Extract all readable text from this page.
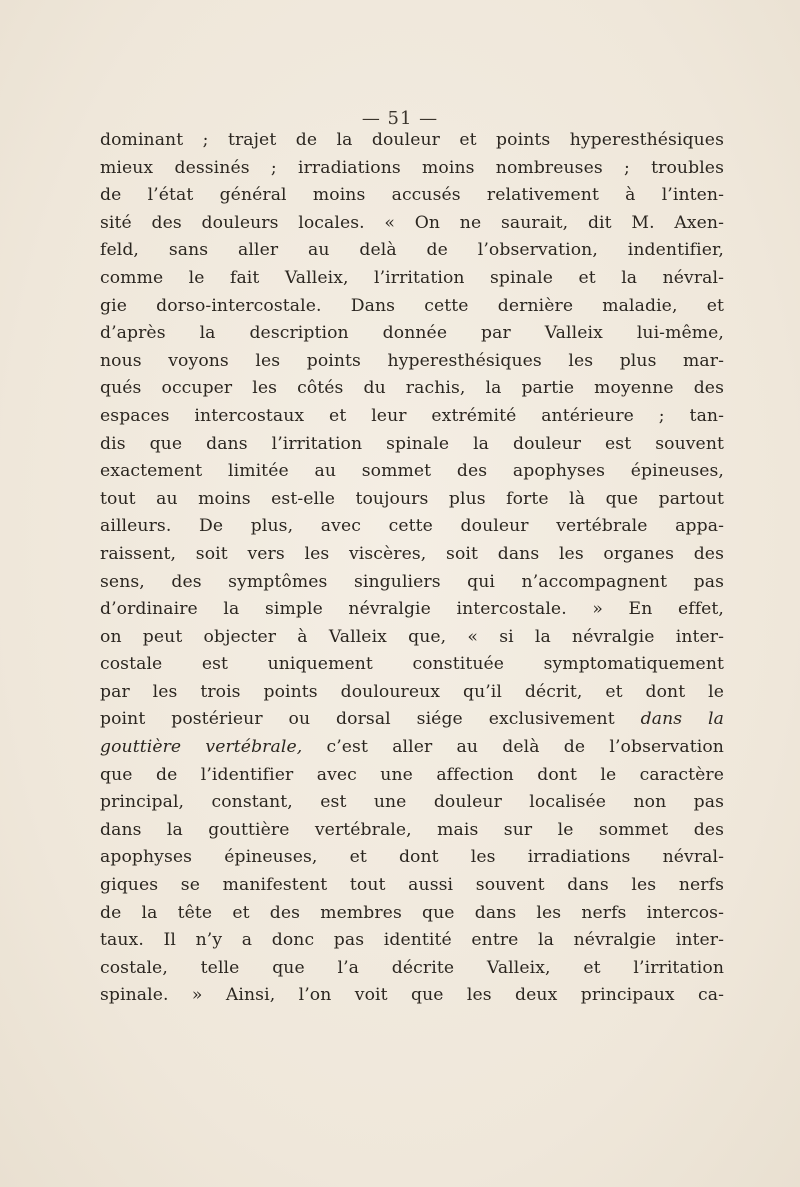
— 51 —
dominant ; trajet de la douleur et points hyperesthésiques
mieux dessinés ; irradiations moins nombreuses ; troubles
de l’état général moins accusés relativement à l’inten-
sité des douleurs locales. « On ne saurait, dit M. Axen-
feld, sans aller au delà de l’observation, indentifier,
comme le fait Valleix, l’irritation spinale et la névral-
gie dorso-intercostale. Dans cette dernière maladie, et
d’après la description donnée par Valleix lui-même,
nous voyons les points hyperesthésiques les plus mar-
qués occuper les côtés du rachis, la partie moyenne des
espaces intercostaux et leur extrémité antérieure ; tan-
dis que dans l’irritation spinale la douleur est souvent
exactement limitée au sommet des apophyses épineuses,
tout au moins est-elle toujours plus forte là que partout
ailleurs. De plus, avec cette douleur vertébrale appa-
raissent, soit vers les viscères, soit dans les organes des
sens, des symptômes singuliers qui n’accompagnent pas
d’ordinaire la simple névralgie intercostale. » En effet,
on peut objecter à Valleix que, « si la névralgie inter-
costale est uniquement constituée symptomatiquement
par les trois points douloureux qu’il décrit, et dont le
point postérieur ou dorsal siége exclusivement dans la
gouttière vertébrale, c’est aller au delà de l’observation
que de l’identifier avec une affection dont le caractère
principal, constant, est une douleur localisée non pas
dans la gouttière vertébrale, mais sur le sommet des
apophyses épineuses, et dont les irradiations névral-
giques se manifestent tout aussi souvent dans les nerfs
de la tête et des membres que dans les nerfs intercos-
taux. Il n’y a donc pas identité entre la névralgie inter-
costale, telle que l’a décrite Valleix, et l’irritation
spinale. » Ainsi, l’on voit que les deux principaux ca-
